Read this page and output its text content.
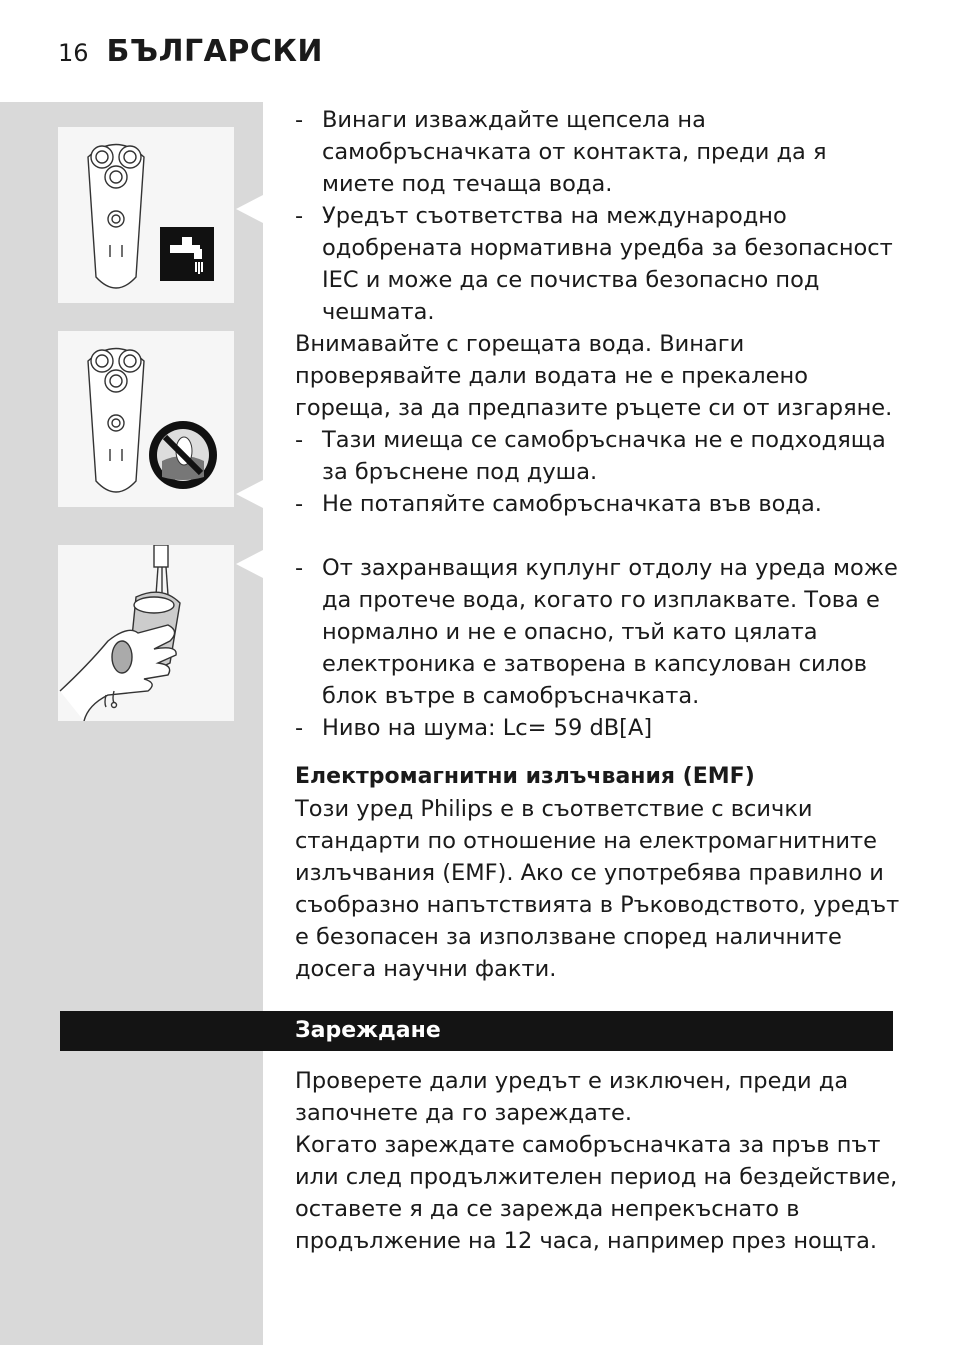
16 БЪЛГАРСКИ

- Винаги изваждайте щепсела на самобръсначката от контакта, преди да я миете под течаща вода.

- Уредът съответства на международно одобрената нормативна уредба за безопасност IEC и може да се почиства безопасно под чешмата.

Внимавайте с горещата вода. Винаги проверявайте дали водата не е прекалено гореща, за да предпазите ръцете си от изгаряне.

- Тази миеща се самобръсначка не е подходяща за бръснене под душа.

- Не потапяйте самобръсначката във вода.

- От захранващия куплунг отдолу на уреда може да протече вода, когато го изплаквате. Това е нормално и не е опасно, тъй като цялата електроника е затворена в капсулован силов блок вътре в самобръсначката.

- Ниво на шума: Lc= 59 dB[A]

Електромагнитни излъчвания (EMF)

Този уред Philips е в съответствие с всички стандарти по отношение на електромагнитните излъчвания (EMF). Ако се употребява правилно и съобразно напътствията в Ръководството, уредът е безопасен за използване според наличните досега научни факти.

Зареждане

Проверете дали уредът е изключен, преди да започнете да го зареждате.

Когато зареждате самобръсначката за пръв път или след продължителен период на бездействие, оставете я да се зарежда непрекъснато в продължение на 12 часа, например през нощта.
